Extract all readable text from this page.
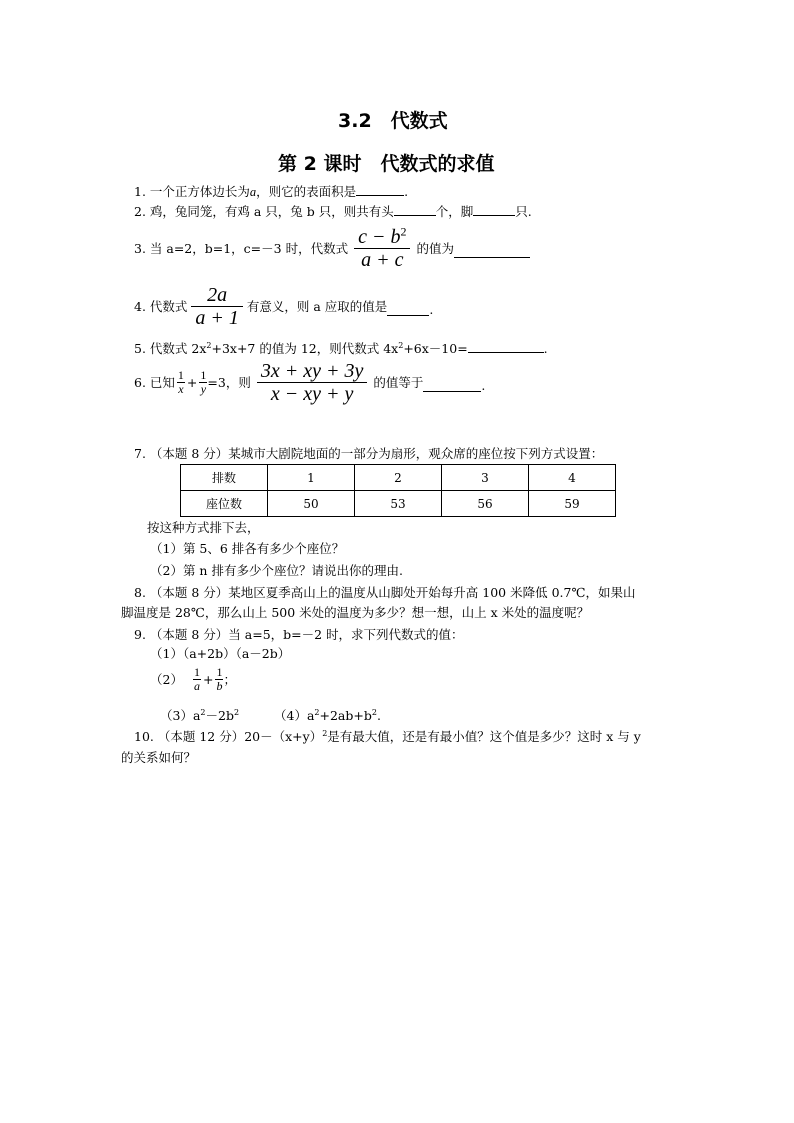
3.2　代数式
第 2 课时　代数式的求值
1. 一个正方体边长为a，则它的表面积是	.
2. 鸡，兔同笼，有鸡 a 只，兔 b 只，则共有头	个，脚	只.
3. 当 a=2，b=1，c=－3 时，代数式 $\frac{c - b^2}{a + c}$ 的值为
4. 代数式 $\frac{2a}{a + 1}$ 有意义，则 a 应取的值是	.
5. 代数式 $2x^2+3x+7$ 的值为 12，则代数式 $4x^2+6x-10=$	.
6. 已知 $\frac{1}{x} + \frac{1}{y} =3$，则 $\frac{3x + xy + 3y}{x - xy + y}$ 的值等于	.
7. （本题 8 分）某城市大剧院地面的一部分为扇形，观众席的座位按下列方式设置：
排数	1	2	3	4
座位数	50	53	56	59
按这种方式排下去，
（1）第 5、6 排各有多少个座位？
（2）第 n 排有多少个座位？请说出你的理由.
8. （本题 8 分）某地区夏季高山上的温度从山脚处开始每升高 100 米降低 0.7℃，如果山
脚温度是 28℃，那么山上 500 米处的温度为多少？想一想，山上 x 米处的温度呢？
9. （本题 8 分）当 a=5，b=－2 时，求下列代数式的值：
（1）（a+2b）（a－2b）
$(2) \frac{1}{a} + \frac{1}{b}$ ；
$(3)a^2-2b^2$	$(4)a^2+2ab+b^2$.
10. （本题 12 分）$20-(x+y)^2$是有最大值，还是有最小值？这个值是多少？这时 x 与 y
的关系如何？
